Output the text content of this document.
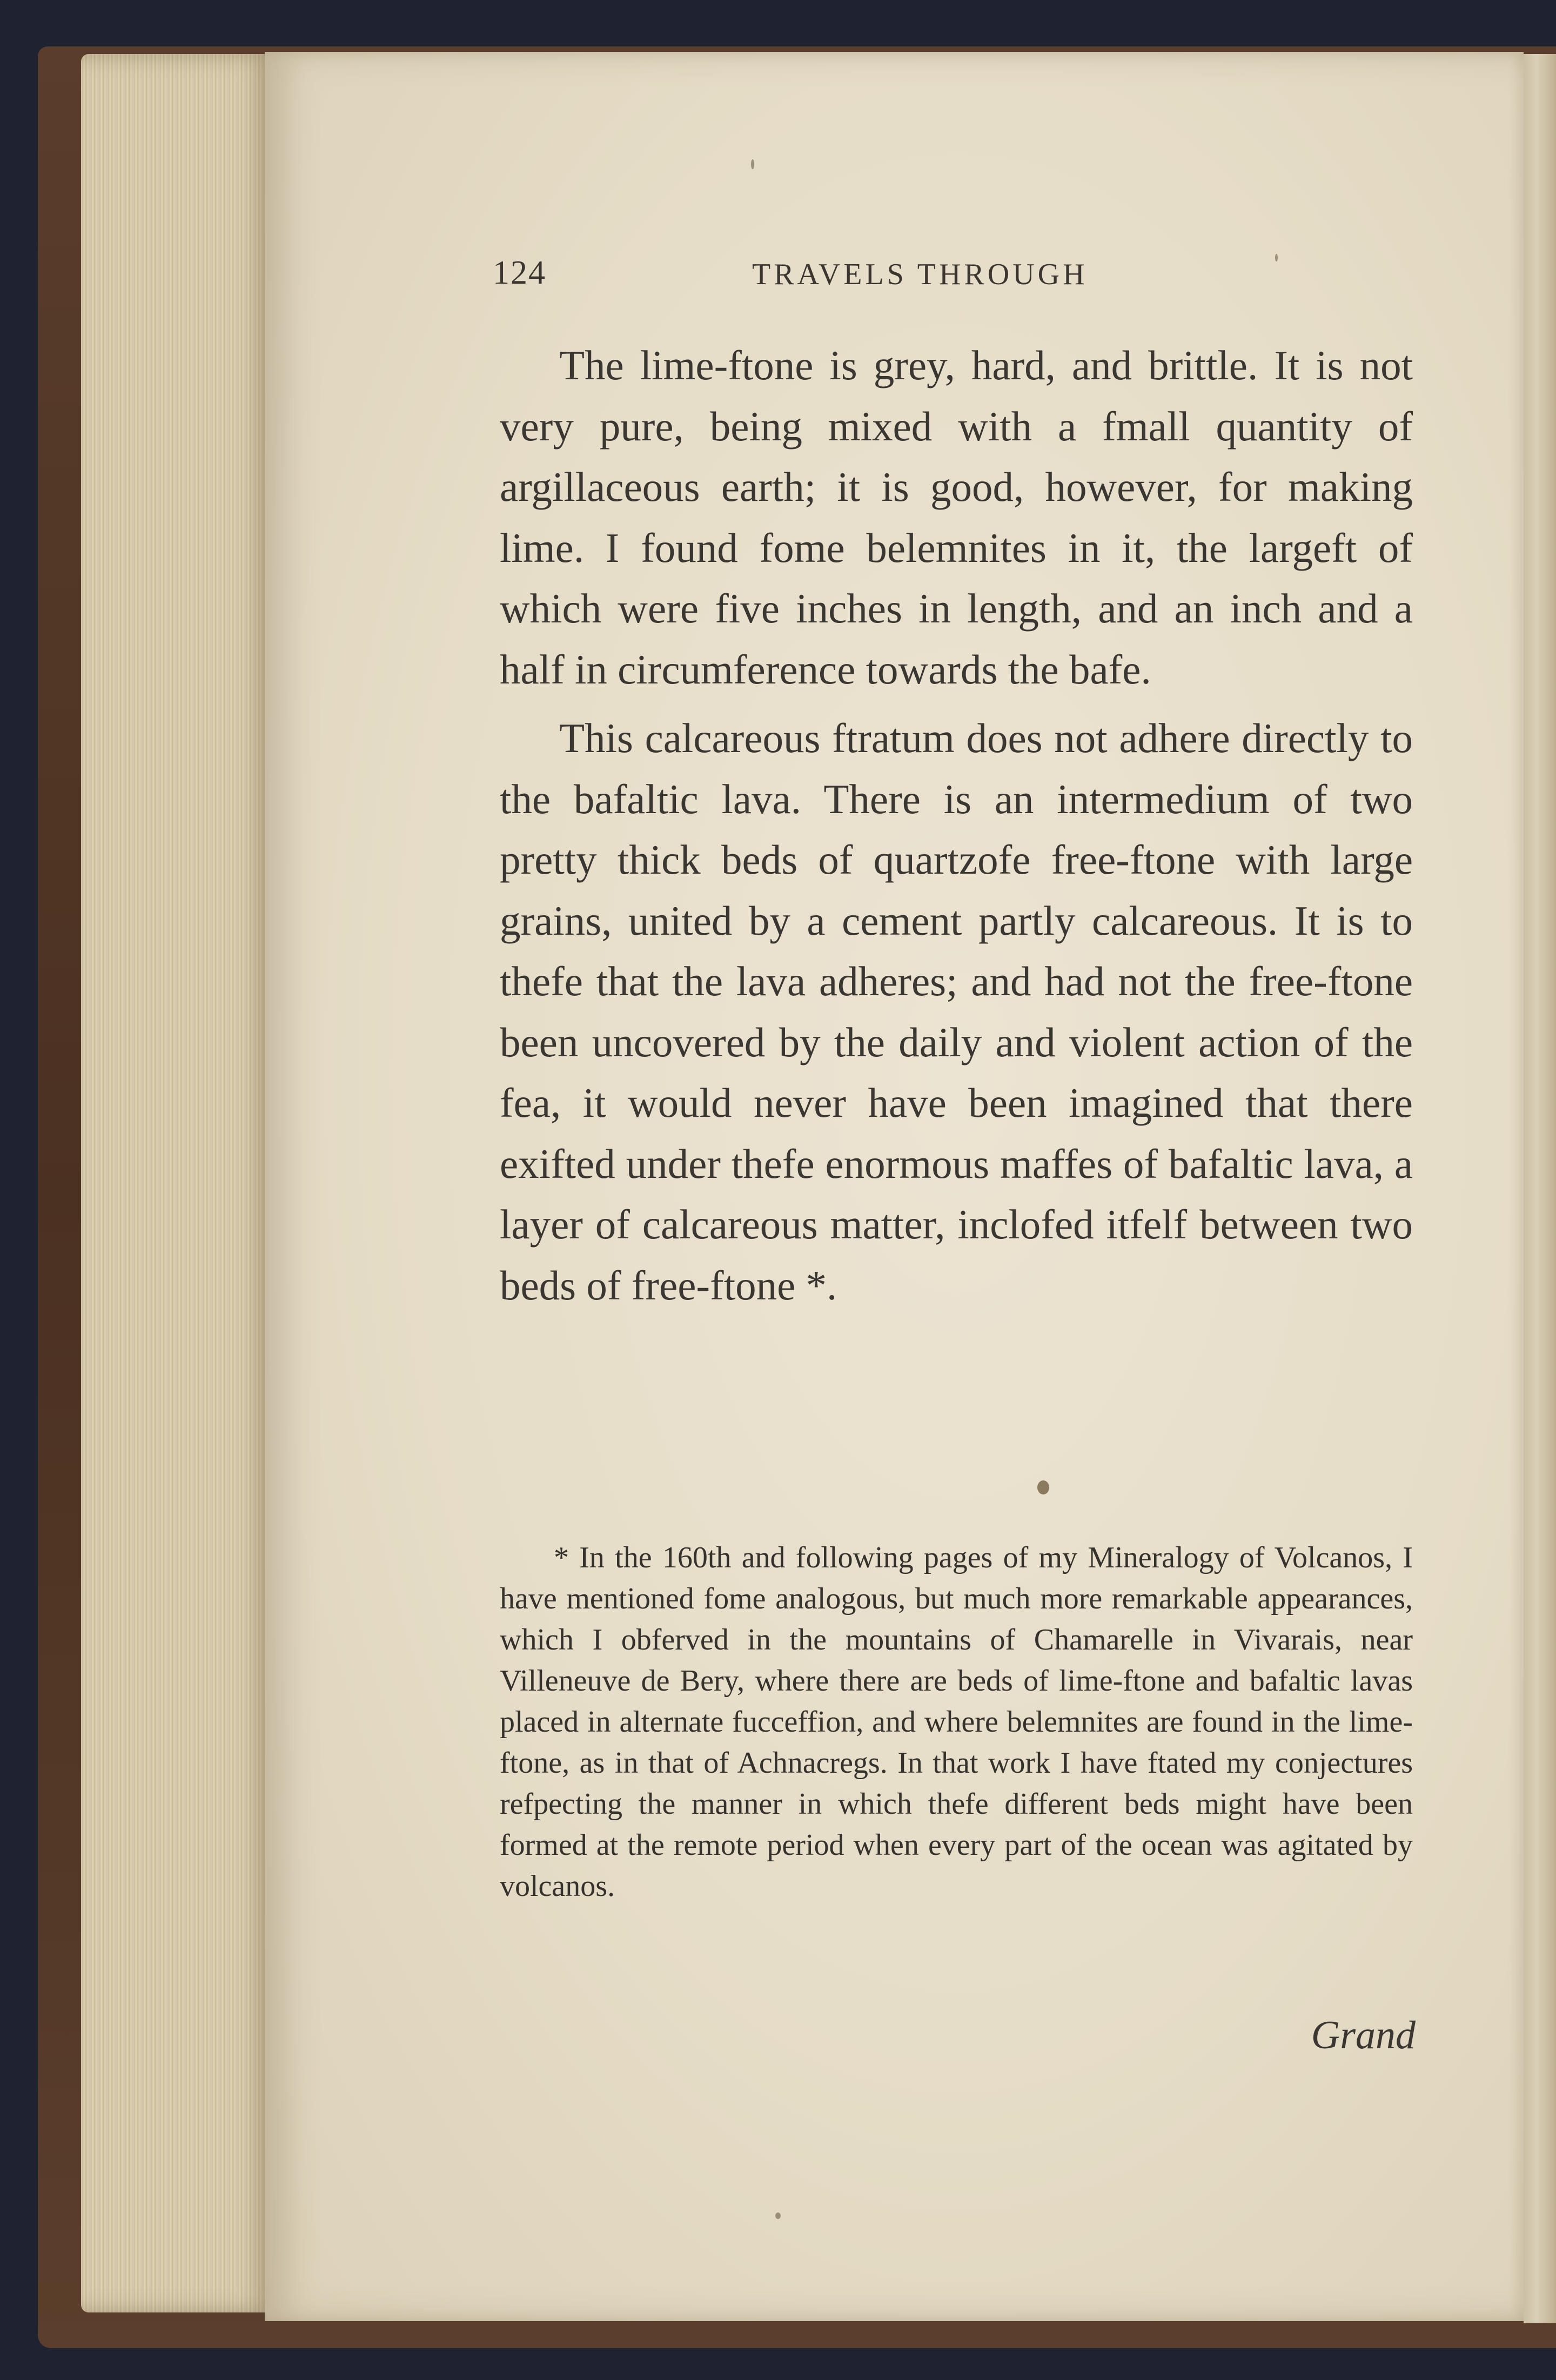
124	TRAVELS THROUGH

The lime-ftone is grey, hard, and brittle. It is not very pure, being mixed with a fmall quantity of argillaceous earth; it is good, however, for making lime. I found fome belemnites in it, the largeft of which were five inches in length, and an inch and a half in circumference towards the bafe.

This calcareous ftratum does not adhere directly to the bafaltic lava. There is an intermedium of two pretty thick beds of quartzofe free-ftone with large grains, united by a cement partly calcareous. It is to thefe that the lava adheres; and had not the free-ftone been uncovered by the daily and violent action of the fea, it would never have been imagined that there exifted under thefe enormous maffes of bafaltic lava, a layer of calcareous matter, inclofed itfelf between two beds of free-ftone *.

* In the 160th and following pages of my Mineralogy of Volcanos, I have mentioned fome analogous, but much more remarkable appearances, which I obferved in the mountains of Chamarelle in Vivarais, near Villeneuve de Bery, where there are beds of lime-ftone and bafaltic lavas placed in alternate fucceffion, and where belemnites are found in the lime-ftone, as in that of Achnacregs. In that work I have ftated my conjectures refpecting the manner in which thefe different beds might have been formed at the remote period when every part of the ocean was agitated by volcanos.

Grand
